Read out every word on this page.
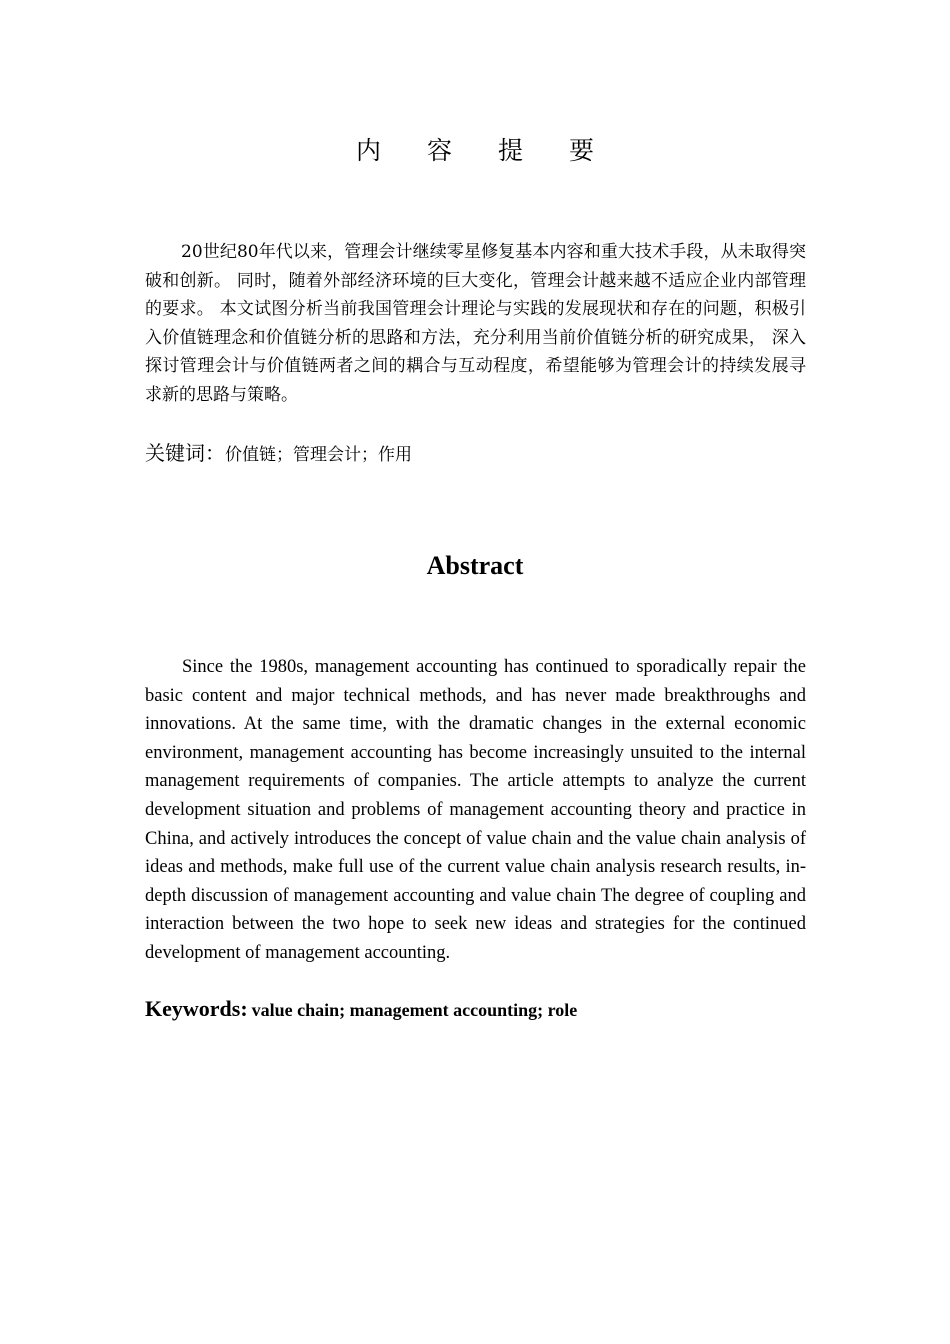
内容提要
20世纪80年代以来，管理会计继续零星修复基本内容和重大技术手段，从未取得突破和创新。 同时，随着外部经济环境的巨大变化，管理会计越来越不适应企业内部管理的要求。 本文试图分析当前我国管理会计理论与实践的发展现状和存在的问题，积极引入价值链理念和价值链分析的思路和方法，充分利用当前价值链分析的研究成果， 深入探讨管理会计与价值链两者之间的耦合与互动程度，希望能够为管理会计的持续发展寻求新的思路与策略。
关键词：价值链；管理会计；作用
Abstract
Since the 1980s, management accounting has continued to sporadically repair the basic content and major technical methods, and has never made breakthroughs and innovations. At the same time, with the dramatic changes in the external economic environment, management accounting has become increasingly unsuited to the internal management requirements of companies. The article attempts to analyze the current development situation and problems of management accounting theory and practice in China, and actively introduces the concept of value chain and the value chain analysis of ideas and methods, make full use of the current value chain analysis research results, in-depth discussion of management accounting and value chain The degree of coupling and interaction between the two hope to seek new ideas and strategies for the continued development of management accounting.
Keywords: value chain; management accounting; role
